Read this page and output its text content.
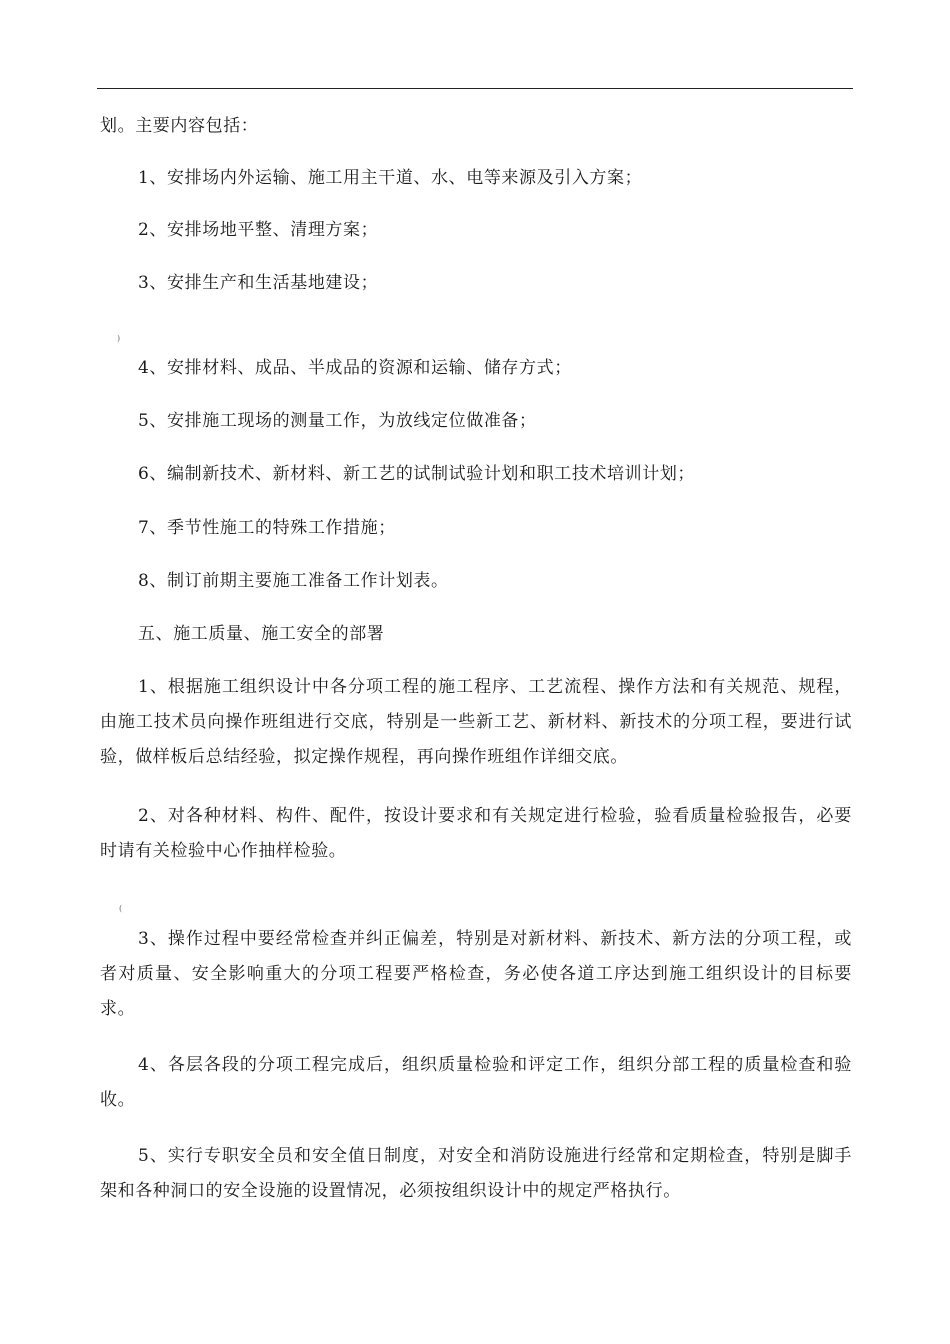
划。主要内容包括：
1、安排场内外运输、施工用主干道、水、电等来源及引入方案；
2、安排场地平整、清理方案；
3、安排生产和生活基地建设；
)
4、安排材料、成品、半成品的资源和运输、储存方式；
5、安排施工现场的测量工作，为放线定位做准备；
6、编制新技术、新材料、新工艺的试制试验计划和职工技术培训计划；
7、季节性施工的特殊工作措施；
8、制订前期主要施工准备工作计划表。
五、施工质量、施工安全的部署
1、根据施工组织设计中各分项工程的施工程序、工艺流程、操作方法和有关规范、规程，由施工技术员向操作班组进行交底，特别是一些新工艺、新材料、新技术的分项工程，要进行试验，做样板后总结经验，拟定操作规程，再向操作班组作详细交底。
2、对各种材料、构件、配件，按设计要求和有关规定进行检验，验看质量检验报告，必要时请有关检验中心作抽样检验。
(
3、操作过程中要经常检查并纠正偏差，特别是对新材料、新技术、新方法的分项工程，或者对质量、安全影响重大的分项工程要严格检查，务必使各道工序达到施工组织设计的目标要求。
4、各层各段的分项工程完成后，组织质量检验和评定工作，组织分部工程的质量检查和验收。
5、实行专职安全员和安全值日制度，对安全和消防设施进行经常和定期检查，特别是脚手架和各种洞口的安全设施的设置情况，必须按组织设计中的规定严格执行。
